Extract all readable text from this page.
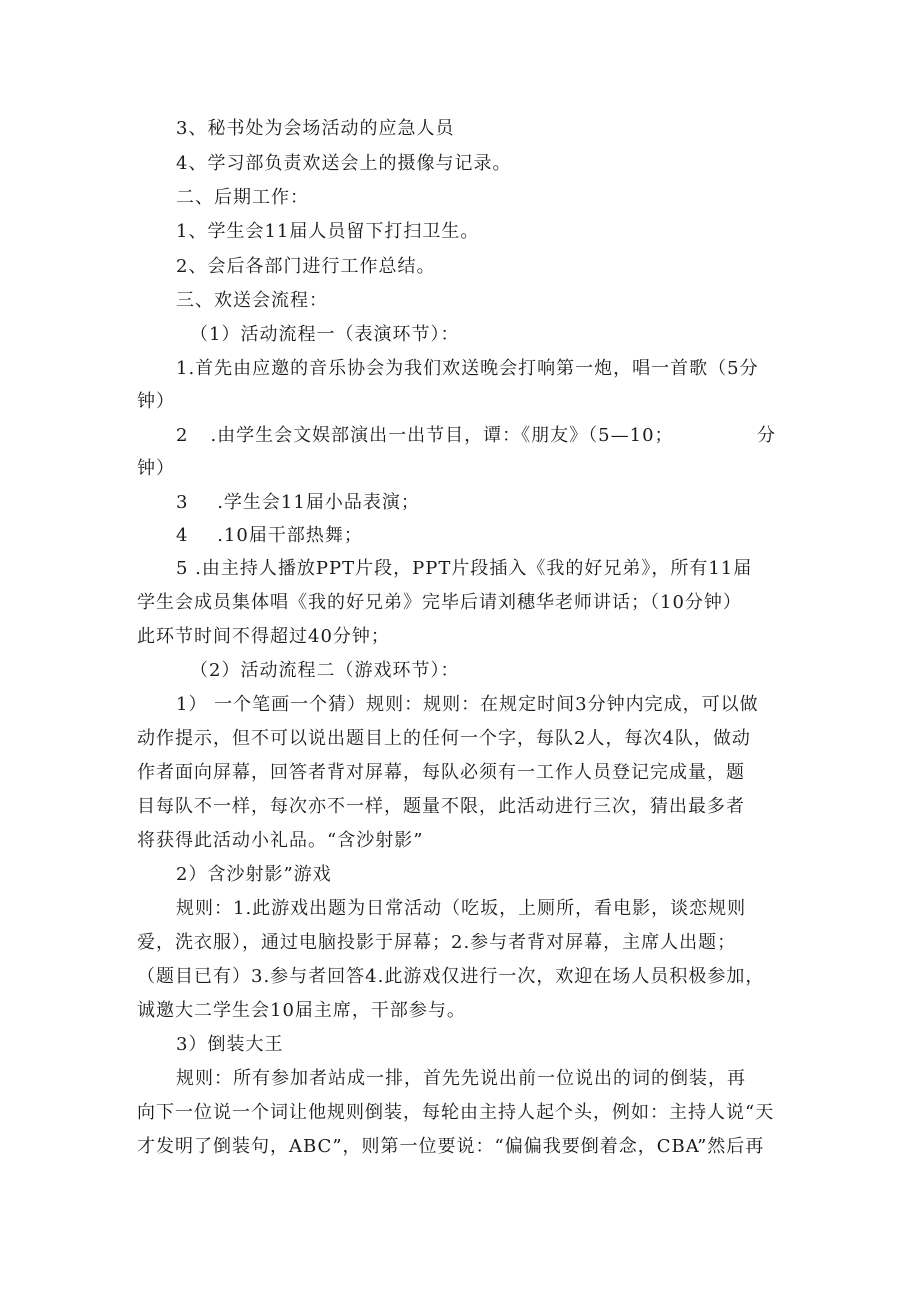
3、秘书处为会场活动的应急人员

4、学习部负责欢送会上的摄像与记录。

二、后期工作：

1、学生会11届人员留下打扫卫生。

2、会后各部门进行工作总结。

三、欢送会流程：

（1）活动流程一（表演环节）：

1.首先由应邀的音乐协会为我们欢送晚会打响第一炮，唱一首歌（5分

钟）

2 .由学生会文娱部演出一出节目，谭：《朋友》（5—10；	分

钟）

3 .学生会11届小品表演；
4 .10届干部热舞；

5 .由主持人播放PPT片段，PPT片段插入《我的好兄弟》，所有11届

学生会成员集体唱《我的好兄弟》完毕后请刘穗华老师讲话；（10分钟）

此环节时间不得超过40分钟；

（2）活动流程二（游戏环节）：

1） 一个笔画一个猜）规则：规则：在规定时间3分钟内完成，可以做

动作提示，但不可以说出题目上的任何一个字，每队2人，每次4队，做动

作者面向屏幕，回答者背对屏幕，每队必须有一工作人员登记完成量，题

目每队不一样，每次亦不一样，题量不限，此活动进行三次，猜出最多者

将获得此活动小礼品。“含沙射影”

2）含沙射影”游戏

规则：1.此游戏出题为日常活动（吃坂，上厕所，看电影，谈恋规则

爱，洗衣服），通过电脑投影于屏幕；2.参与者背对屏幕，主席人出题；

（题目已有）3.参与者回答4.此游戏仅进行一次，欢迎在场人员积极参加，

诚邀大二学生会10届主席，干部参与。

3）倒装大王

规则：所有参加者站成一排，首先先说出前一位说出的词的倒装，再

向下一位说一个词让他规则倒装，每轮由主持人起个头，例如：主持人说“天

才发明了倒装句，ABC”，则第一位要说：“偏偏我要倒着念，CBA”然后再
